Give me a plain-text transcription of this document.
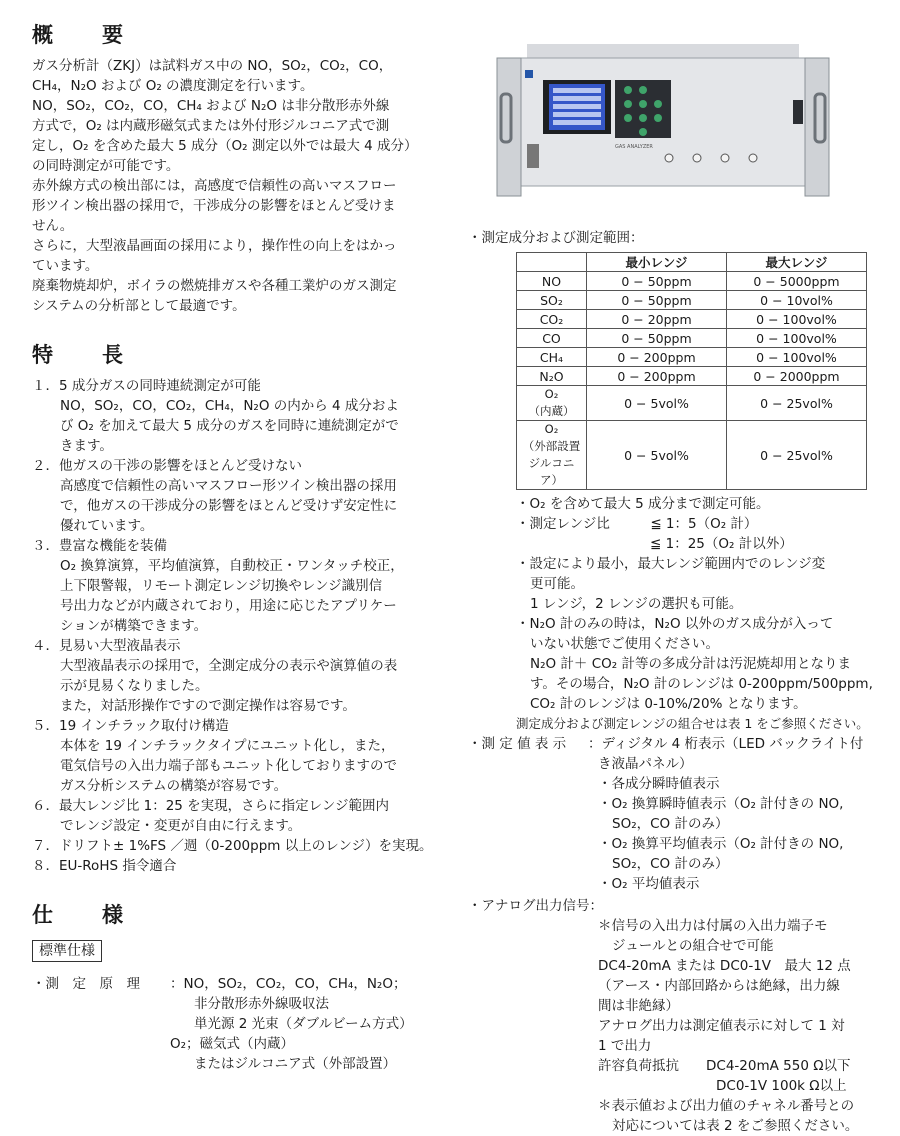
概　要
ガス分析計（ZKJ）は試料ガス中の NO，SO₂，CO₂，CO，
CH₄，N₂O および O₂ の濃度測定を行います。
NO，SO₂，CO₂，CO，CH₄ および N₂O は非分散形赤外線
方式で，O₂ は内蔵形磁気式または外付形ジルコニア式で測
定し，O₂ を含めた最大 5 成分（O₂ 測定以外では最大 4 成分）
の同時測定が可能です。
赤外線方式の検出部には，高感度で信頼性の高いマスフロー
形ツイン検出器の採用で，干渉成分の影響をほとんど受けま
せん。
さらに，大型液晶画面の採用により，操作性の向上をはかっ
ています。
廃棄物焼却炉，ボイラの燃焼排ガスや各種工業炉のガス測定
システムの分析部として最適です。
特　長
１．5 成分ガスの同時連続測定が可能
NO，SO₂，CO，CO₂，CH₄，N₂O の内から 4 成分およ
び O₂ を加えて最大 5 成分のガスを同時に連続測定がで
きます。
２．他ガスの干渉の影響をほとんど受けない
高感度で信頼性の高いマスフロー形ツイン検出器の採用
で，他ガスの干渉成分の影響をほとんど受けず安定性に
優れています。
３．豊富な機能を装備
O₂ 換算演算，平均値演算，自動校正・ワンタッチ校正，
上下限警報，リモート測定レンジ切換やレンジ識別信
号出力などが内蔵されており，用途に応じたアプリケー
ションが構築できます。
４．見易い大型液晶表示
大型液晶表示の採用で，全測定成分の表示や演算値の表
示が見易くなりました。
また，対話形操作ですので測定操作は容易です。
５．19 インチラック取付け構造
本体を 19 インチラックタイプにユニット化し，また，
電気信号の入出力端子部もユニット化しておりますので
ガス分析システムの構築が容易です。
６．最大レンジ比 1：25 を実現，さらに指定レンジ範囲内
でレンジ設定・変更が自由に行えます。
７．ドリフト± 1%FS ／週（0-200ppm 以上のレンジ）を実現。
８．EU-RoHS 指令適合
仕　様
標準仕様
・測　定　原　理	：NO，SO₂，CO₂，CO，CH₄，N₂O；
非分散形赤外線吸収法
単光源 2 光束（ダブルビーム方式）
O₂；磁気式（内蔵）
またはジルコニア式（外部設置）
GAS ANALYZER
・測定成分および測定範囲：
	最小レンジ	最大レンジ
NO	0 − 50ppm	0 − 5000ppm
SO₂	0 − 50ppm	0 − 10vol%
CO₂	0 − 20ppm	0 − 100vol%
CO	0 − 50ppm	0 − 100vol%
CH₄	0 − 200ppm	0 − 100vol%
N₂O	0 − 200ppm	0 − 2000ppm

O₂
（内蔵）	0 − 5vol%	0 − 25vol%

O₂
（外部設置
ジルコニア）	0 − 5vol%	0 − 25vol%
・O₂ を含めて最大 5 成分まで測定可能。
・測定レンジ比　　　≦ 1：5（O₂ 計）
≦ 1：25（O₂ 計以外）
・設定により最小，最大レンジ範囲内でのレンジ変
更可能。
1 レンジ，2 レンジの選択も可能。
・N₂O 計のみの時は，N₂O 以外のガス成分が入って
いない状態でご使用ください。
N₂O 計＋ CO₂ 計等の多成分計は汚泥焼却用となりま
す。その場合，N₂O 計のレンジは 0-200ppm/500ppm,
CO₂ 計のレンジは 0-10%/20% となります。
測定成分および測定レンジの組合せは表 1 をご参照ください。
・測 定 値 表 示	：ディジタル 4 桁表示（LED バックライト付
き液晶パネル）
・各成分瞬時値表示
・O₂ 換算瞬時値表示（O₂ 計付きの NO,
SO₂，CO 計のみ）
・O₂ 換算平均値表示（O₂ 計付きの NO,
SO₂，CO 計のみ）
・O₂ 平均値表示
・アナログ出力信号：
＊信号の入出力は付属の入出力端子モ
ジュールとの組合せで可能
DC4-20mA または DC0-1V　最大 12 点
（アース・内部回路からは絶縁，出力線
間は非絶縁）
アナログ出力は測定値表示に対して 1 対
1 で出力
許容負荷抵抗　　DC4-20mA 550 Ω以下
DC0-1V 100k Ω以上
＊表示値および出力値のチャネル番号との
対応については表 2 をご参照ください。
